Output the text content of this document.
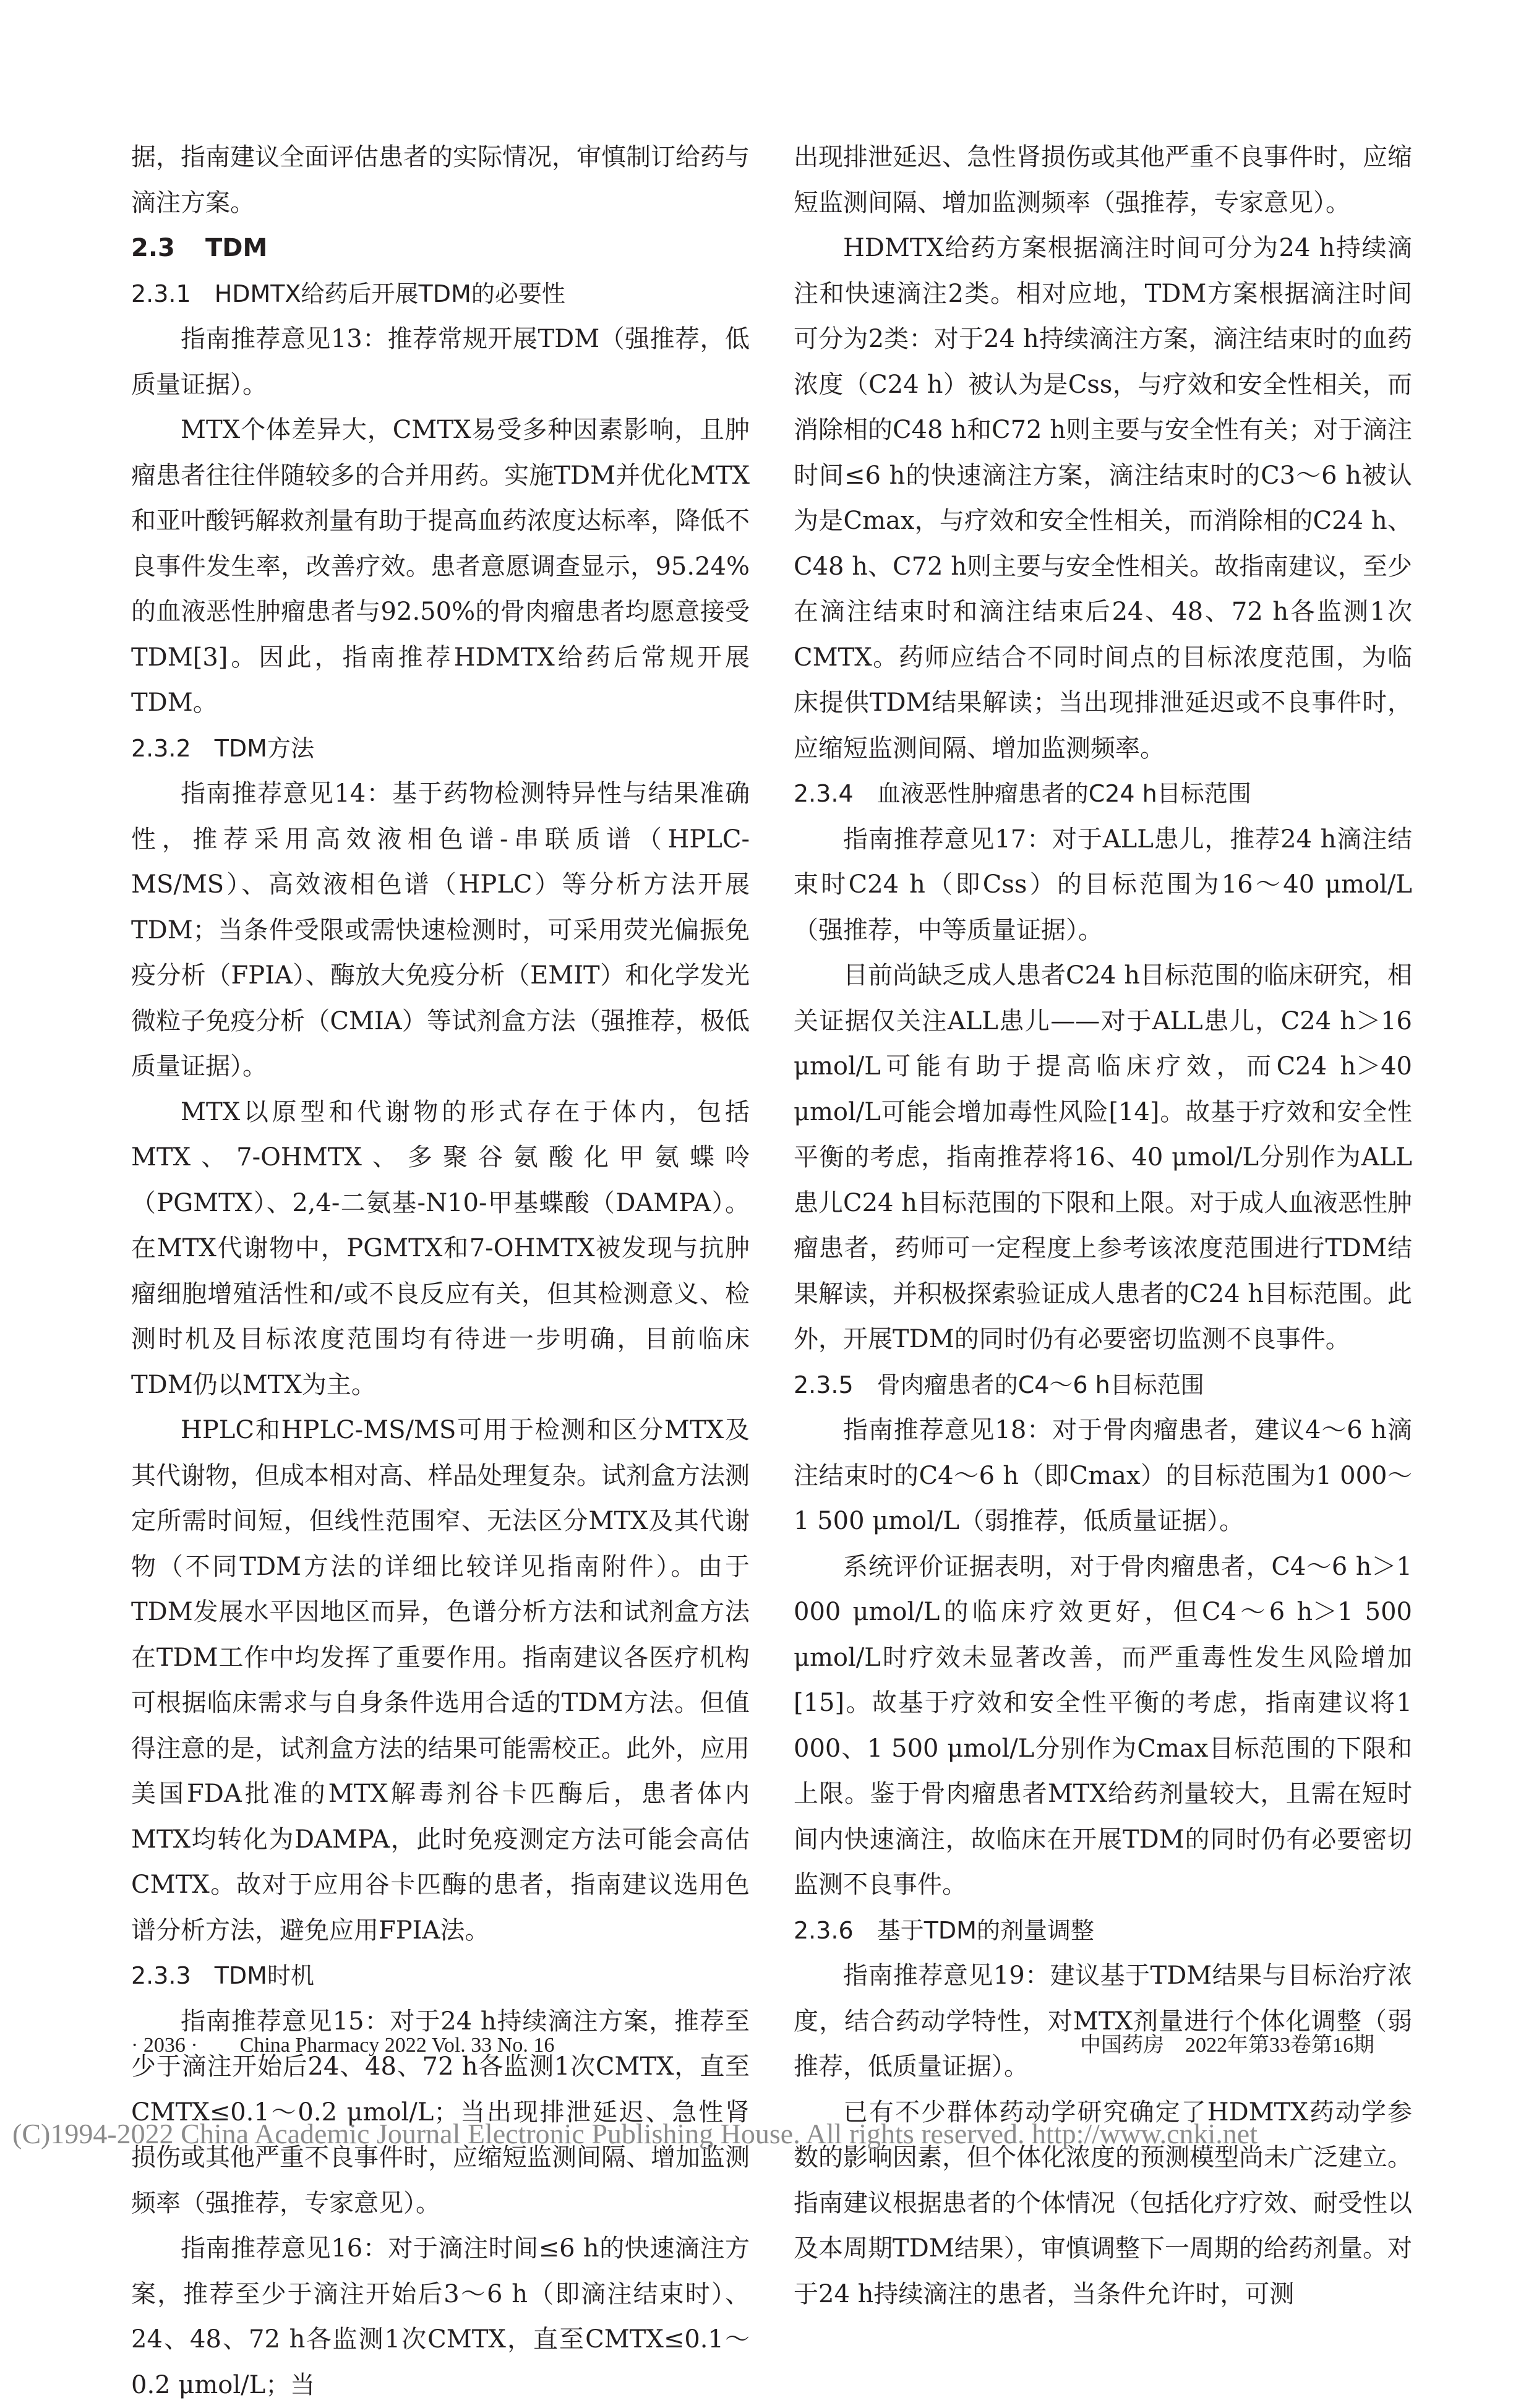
据，指南建议全面评估患者的实际情况，审慎制订给药与滴注方案。

2.3 TDM

2.3.1　HDMTX给药后开展TDM的必要性

指南推荐意见13：推荐常规开展TDM（强推荐，低质量证据）。

MTX个体差异大，CMTX易受多种因素影响，且肿瘤患者往往伴随较多的合并用药。实施TDM并优化MTX和亚叶酸钙解救剂量有助于提高血药浓度达标率，降低不良事件发生率，改善疗效。患者意愿调查显示，95.24%的血液恶性肿瘤患者与92.50%的骨肉瘤患者均愿意接受TDM[3]。因此，指南推荐HDMTX给药后常规开展TDM。

2.3.2　TDM方法

指南推荐意见14：基于药物检测特异性与结果准确性，推荐采用高效液相色谱-串联质谱（HPLC-MS/MS）、高效液相色谱（HPLC）等分析方法开展TDM；当条件受限或需快速检测时，可采用荧光偏振免疫分析（FPIA）、酶放大免疫分析（EMIT）和化学发光微粒子免疫分析（CMIA）等试剂盒方法（强推荐，极低质量证据）。

MTX以原型和代谢物的形式存在于体内，包括MTX、7-OHMTX、多聚谷氨酸化甲氨蝶呤（PGMTX）、2,4-二氨基-N10-甲基蝶酸（DAMPA）。在MTX代谢物中，PGMTX和7-OHMTX被发现与抗肿瘤细胞增殖活性和/或不良反应有关，但其检测意义、检测时机及目标浓度范围均有待进一步明确，目前临床TDM仍以MTX为主。

HPLC和HPLC-MS/MS可用于检测和区分MTX及其代谢物，但成本相对高、样品处理复杂。试剂盒方法测定所需时间短，但线性范围窄、无法区分MTX及其代谢物（不同TDM方法的详细比较详见指南附件）。由于TDM发展水平因地区而异，色谱分析方法和试剂盒方法在TDM工作中均发挥了重要作用。指南建议各医疗机构可根据临床需求与自身条件选用合适的TDM方法。但值得注意的是，试剂盒方法的结果可能需校正。此外，应用美国FDA批准的MTX解毒剂谷卡匹酶后，患者体内MTX均转化为DAMPA，此时免疫测定方法可能会高估CMTX。故对于应用谷卡匹酶的患者，指南建议选用色谱分析方法，避免应用FPIA法。

2.3.3　TDM时机

指南推荐意见15：对于24 h持续滴注方案，推荐至少于滴注开始后24、48、72 h各监测1次CMTX，直至CMTX≤0.1～0.2 μmol/L；当出现排泄延迟、急性肾损伤或其他严重不良事件时，应缩短监测间隔、增加监测频率（强推荐，专家意见）。

指南推荐意见16：对于滴注时间≤6 h的快速滴注方案，推荐至少于滴注开始后3～6 h（即滴注结束时）、24、48、72 h各监测1次CMTX，直至CMTX≤0.1～0.2 μmol/L；当

出现排泄延迟、急性肾损伤或其他严重不良事件时，应缩短监测间隔、增加监测频率（强推荐，专家意见）。

HDMTX给药方案根据滴注时间可分为24 h持续滴注和快速滴注2类。相对应地，TDM方案根据滴注时间可分为2类：对于24 h持续滴注方案，滴注结束时的血药浓度（C24 h）被认为是Css，与疗效和安全性相关，而消除相的C48 h和C72 h则主要与安全性有关；对于滴注时间≤6 h的快速滴注方案，滴注结束时的C3～6 h被认为是Cmax，与疗效和安全性相关，而消除相的C24 h、C48 h、C72 h则主要与安全性相关。故指南建议，至少在滴注结束时和滴注结束后24、48、72 h各监测1次CMTX。药师应结合不同时间点的目标浓度范围，为临床提供TDM结果解读；当出现排泄延迟或不良事件时，应缩短监测间隔、增加监测频率。

2.3.4　血液恶性肿瘤患者的C24 h目标范围

指南推荐意见17：对于ALL患儿，推荐24 h滴注结束时C24 h（即Css）的目标范围为16～40 μmol/L（强推荐，中等质量证据）。

目前尚缺乏成人患者C24 h目标范围的临床研究，相关证据仅关注ALL患儿——对于ALL患儿，C24 h＞16 μmol/L可能有助于提高临床疗效，而C24 h＞40 μmol/L可能会增加毒性风险[14]。故基于疗效和安全性平衡的考虑，指南推荐将16、40 μmol/L分别作为ALL患儿C24 h目标范围的下限和上限。对于成人血液恶性肿瘤患者，药师可一定程度上参考该浓度范围进行TDM结果解读，并积极探索验证成人患者的C24 h目标范围。此外，开展TDM的同时仍有必要密切监测不良事件。

2.3.5　骨肉瘤患者的C4～6 h目标范围

指南推荐意见18：对于骨肉瘤患者，建议4～6 h滴注结束时的C4～6 h（即Cmax）的目标范围为1 000～1 500 μmol/L（弱推荐，低质量证据）。

系统评价证据表明，对于骨肉瘤患者，C4～6 h＞1 000 μmol/L的临床疗效更好，但C4～6 h＞1 500 μmol/L时疗效未显著改善，而严重毒性发生风险增加[15]。故基于疗效和安全性平衡的考虑，指南建议将1 000、1 500 μmol/L分别作为Cmax目标范围的下限和上限。鉴于骨肉瘤患者MTX给药剂量较大，且需在短时间内快速滴注，故临床在开展TDM的同时仍有必要密切监测不良事件。

2.3.6　基于TDM的剂量调整

指南推荐意见19：建议基于TDM结果与目标治疗浓度，结合药动学特性，对MTX剂量进行个体化调整（弱推荐，低质量证据）。

已有不少群体药动学研究确定了HDMTX药动学参数的影响因素，但个体化浓度的预测模型尚未广泛建立。指南建议根据患者的个体情况（包括化疗疗效、耐受性以及本周期TDM结果），审慎调整下一周期的给药剂量。对于24 h持续滴注的患者，当条件允许时，可测

· 2036 ·　　China Pharmacy 2022 Vol. 33 No. 16	中国药房　2022年第33卷第16期
(C)1994-2022 China Academic Journal Electronic Publishing House. All rights reserved. http://www.cnki.net
